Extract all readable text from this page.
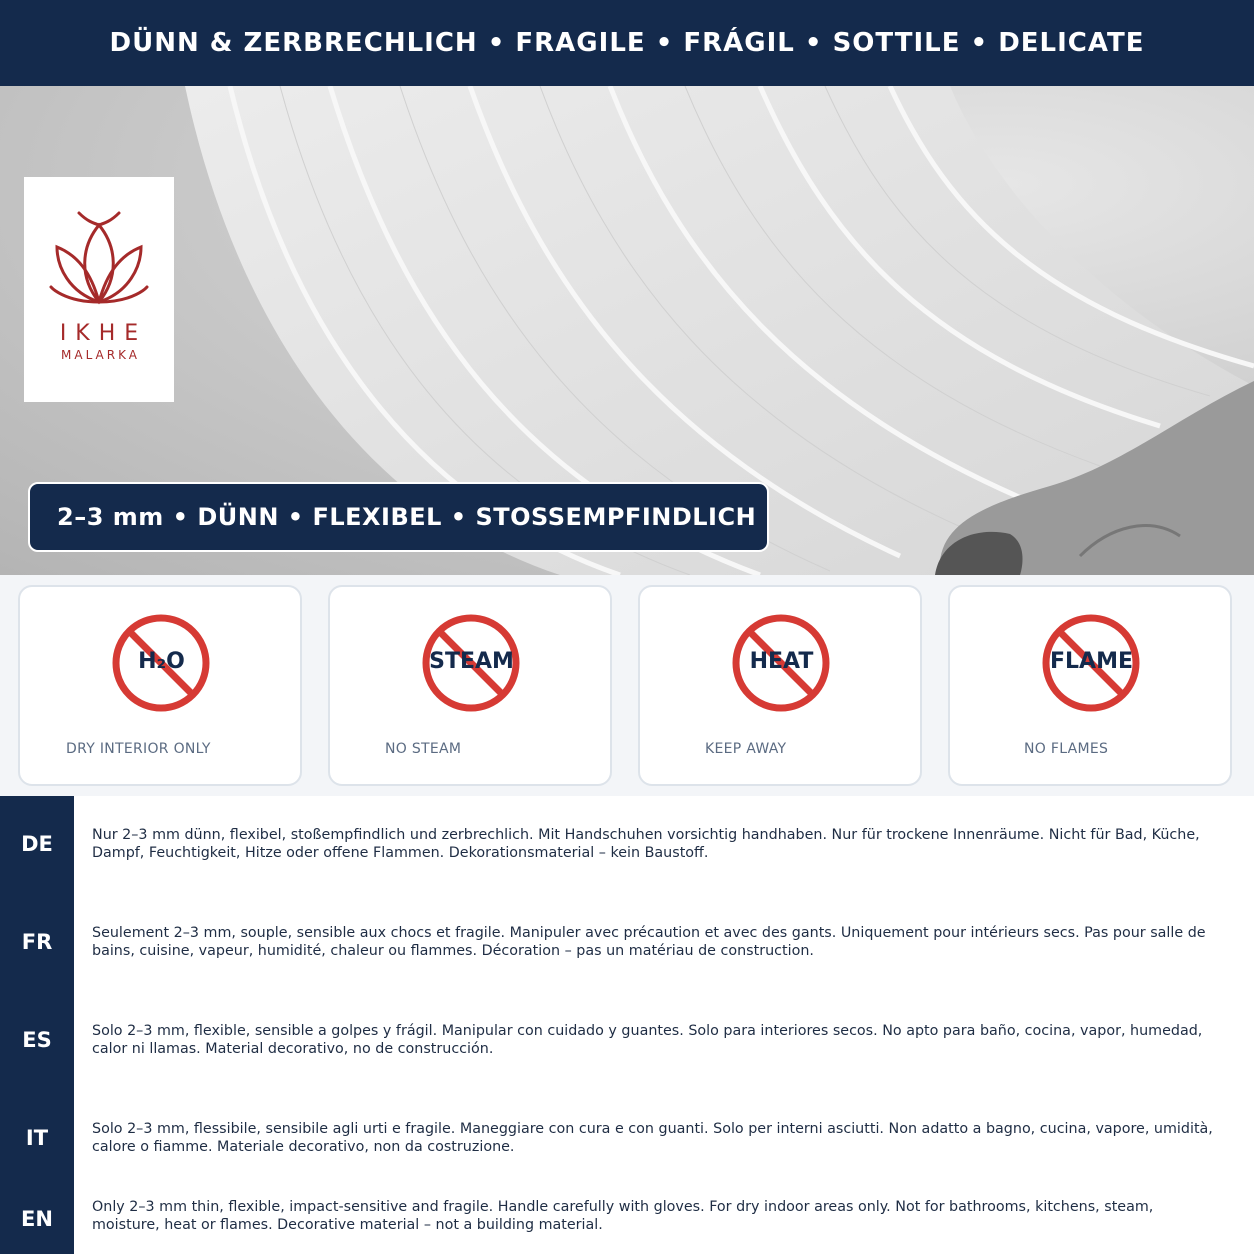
DÜNN & ZERBRECHLICH • FRAGILE • FRÁGIL • SOTTILE • DELICATE
IKHE
MALARKA
2–3 mm • DÜNN • FLEXIBEL • STOSSEMPFINDLICH
H₂O
DRY INTERIOR ONLY
STEAM
NO STEAM
HEAT
KEEP AWAY
FLAME
NO FLAMES
DE	Nur 2–3 mm dünn, flexibel, stoßempfindlich und zerbrechlich. Mit Handschuhen vorsichtig handhaben. Nur für trockene Innenräume. Nicht für Bad, Küche, Dampf, Feuchtigkeit, Hitze oder offene Flammen. Dekorationsmaterial – kein Baustoff.
FR	Seulement 2–3 mm, souple, sensible aux chocs et fragile. Manipuler avec précaution et avec des gants. Uniquement pour intérieurs secs. Pas pour salle de bains, cuisine, vapeur, humidité, chaleur ou flammes. Décoration – pas un matériau de construction.
ES	Solo 2–3 mm, flexible, sensible a golpes y frágil. Manipular con cuidado y guantes. Solo para interiores secos. No apto para baño, cocina, vapor, humedad, calor ni llamas. Material decorativo, no de construcción.
IT	Solo 2–3 mm, flessibile, sensibile agli urti e fragile. Maneggiare con cura e con guanti. Solo per interni asciutti. Non adatto a bagno, cucina, vapore, umidità, calore o fiamme. Materiale decorativo, non da costruzione.
EN	Only 2–3 mm thin, flexible, impact-sensitive and fragile. Handle carefully with gloves. For dry indoor areas only. Not for bathrooms, kitchens, steam, moisture, heat or flames. Decorative material – not a building material.
